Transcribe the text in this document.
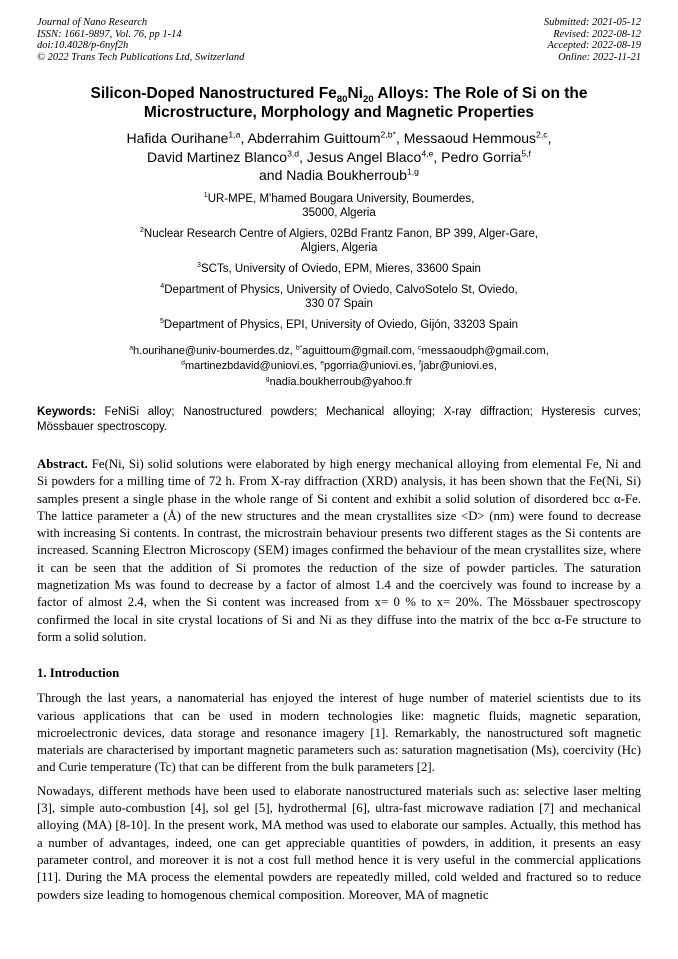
Journal of Nano Research
ISSN: 1661-9897, Vol. 76, pp 1-14
doi:10.4028/p-6nyf2h
© 2022 Trans Tech Publications Ltd, Switzerland
Submitted: 2021-05-12
Revised: 2022-08-12
Accepted: 2022-08-19
Online: 2022-11-21
Silicon-Doped Nanostructured $Fe_{80}Ni_{20}$ Alloys: The Role of Si on the
Microstructure, Morphology and Magnetic Properties
Hafida Ourihane$^{1,a}$, Abderrahim Guittoum$^{2,b*}$, Messaoud Hemmous$^{2,c}$,
David Martinez Blanco$^{3,d}$, Jesus Angel Blaco$^{4,e}$, Pedro Gorria$^{5,f}$
and Nadia Boukherroub$^{1,g}$
$^1$UR-MPE, M'hamed Bougara University, Boumerdes,
35000, Algeria
$^2$Nuclear Research Centre of Algiers, 02Bd Frantz Fanon, BP 399, Alger-Gare,
Algiers, Algeria
$^3$SCTs, University of Oviedo, EPM, Mieres, 33600 Spain
$^4$Department of Physics, University of Oviedo, CalvoSotelo St, Oviedo,
330 07 Spain
$^5$Department of Physics, EPI, University of Oviedo, Gijón, 33203 Spain
$^a$h.ourihane@univ-boumerdes.dz, $^{b*}$aguittoum@gmail.com, $^c$messaoudph@gmail.com,
$^d$martinezbdavid@uniovi.es, $^e$pgorria@uniovi.es, $^f$jabr@uniovi.es,
$^g$nadia.boukherroub@yahoo.fr

Keywords: FeNiSi alloy; Nanostructured powders; Mechanical alloying; X-ray diffraction; Hysteresis curves; Mössbauer spectroscopy.

Abstract. Fe(Ni, Si) solid solutions were elaborated by high energy mechanical alloying from elemental Fe, Ni and Si powders for a milling time of 72 h. From X-ray diffraction (XRD) analysis, it has been shown that the Fe(Ni, Si) samples present a single phase in the whole range of Si content and exhibit a solid solution of disordered bcc α-Fe. The lattice parameter a (Å) of the new structures and the mean crystallites size <D> (nm) were found to decrease with increasing Si contents. In contrast, the microstrain behaviour presents two different stages as the Si contents are increased. Scanning Electron Microscopy (SEM) images confirmed the behaviour of the mean crystallites size, where it can be seen that the addition of Si promotes the reduction of the size of powder particles. The saturation magnetization Ms was found to decrease by a factor of almost 1.4 and the coercively was found to increase by a factor of almost 2.4, when the Si content was increased from x= 0 % to x= 20%. The Mössbauer spectroscopy confirmed the local in site crystal locations of Si and Ni as they diffuse into the matrix of the bcc α-Fe structure to form a solid solution.

1. Introduction

Through the last years, a nanomaterial has enjoyed the interest of huge number of materiel scientists due to its various applications that can be used in modern technologies like: magnetic fluids, magnetic separation, microelectronic devices, data storage and resonance imagery [1]. Remarkably, the nanostructured soft magnetic materials are characterised by important magnetic parameters such as: saturation magnetisation (Ms), coercivity (Hc) and Curie temperature (Tc) that can be different from the bulk parameters [2].

Nowadays, different methods have been used to elaborate nanostructured materials such as: selective laser melting [3], simple auto-combustion [4], sol gel [5], hydrothermal [6], ultra-fast microwave radiation [7] and mechanical alloying (MA) [8-10]. In the present work, MA method was used to elaborate our samples. Actually, this method has a number of advantages, indeed, one can get appreciable quantities of powders, in addition, it presents an easy parameter control, and moreover it is not a cost full method hence it is very useful in the commercial applications [11]. During the MA process the elemental powders are repeatedly milled, cold welded and fractured so to reduce powders size leading to homogenous chemical composition. Moreover, MA of magnetic
